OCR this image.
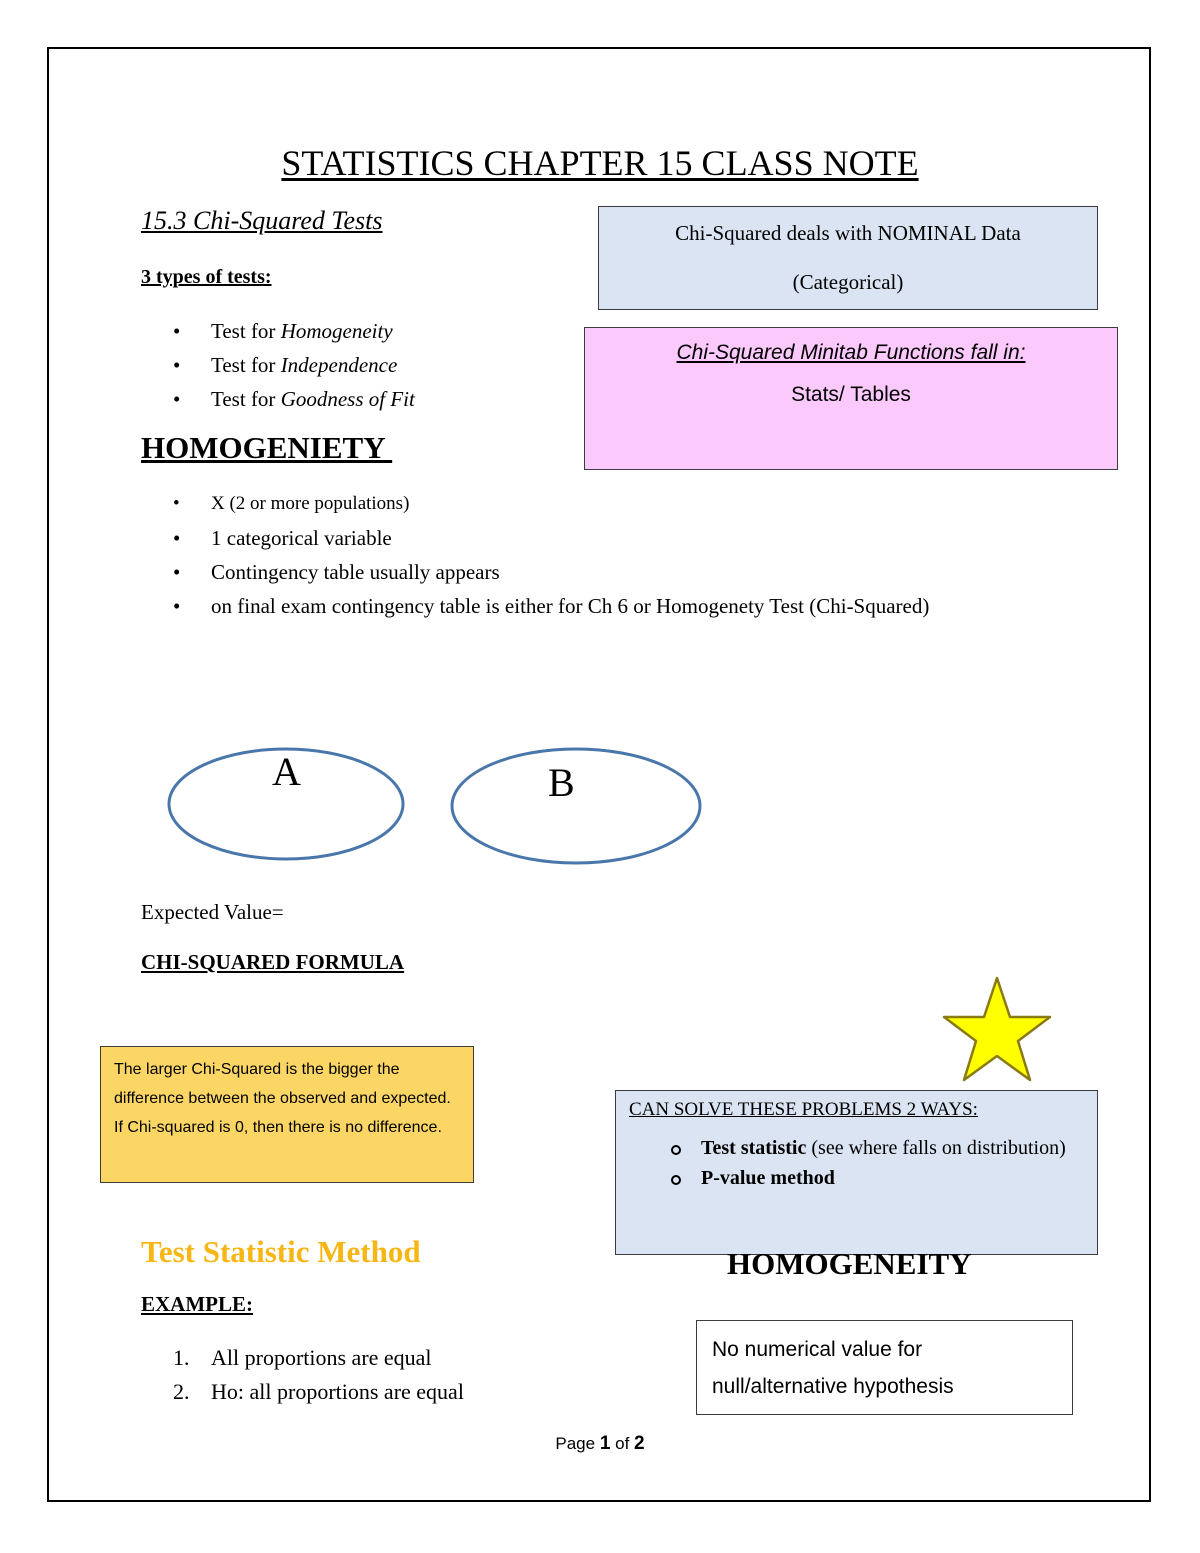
STATISTICS CHAPTER 15 CLASS NOTE
15.3 Chi-Squared Tests
3 types of tests:
• Test for Homogeneity
• Test for Independence
• Test for Goodness of Fit
HOMOGENIETY
• X (2 or more populations)
• 1 categorical variable
• Contingency table usually appears
• on final exam contingency table is either for Ch 6 or Homogenety Test (Chi-Squared)
Chi-Squared deals with NOMINAL Data
(Categorical)
Chi-Squared Minitab Functions fall in:
Stats/ Tables
A	B
Expected Value=
CHI-SQUARED FORMULA
The larger Chi-Squared is the bigger the difference between the observed and expected. If Chi-squared is 0, then there is no difference.
CAN SOLVE THESE PROBLEMS 2 WAYS:
Test statistic (see where falls on distribution)
P-value method
HOMOGENEITY
Test Statistic Method
EXAMPLE:
1. All proportions are equal
2. Ho: all proportions are equal
No numerical value for
null/alternative hypothesis
Page 1 of 2
